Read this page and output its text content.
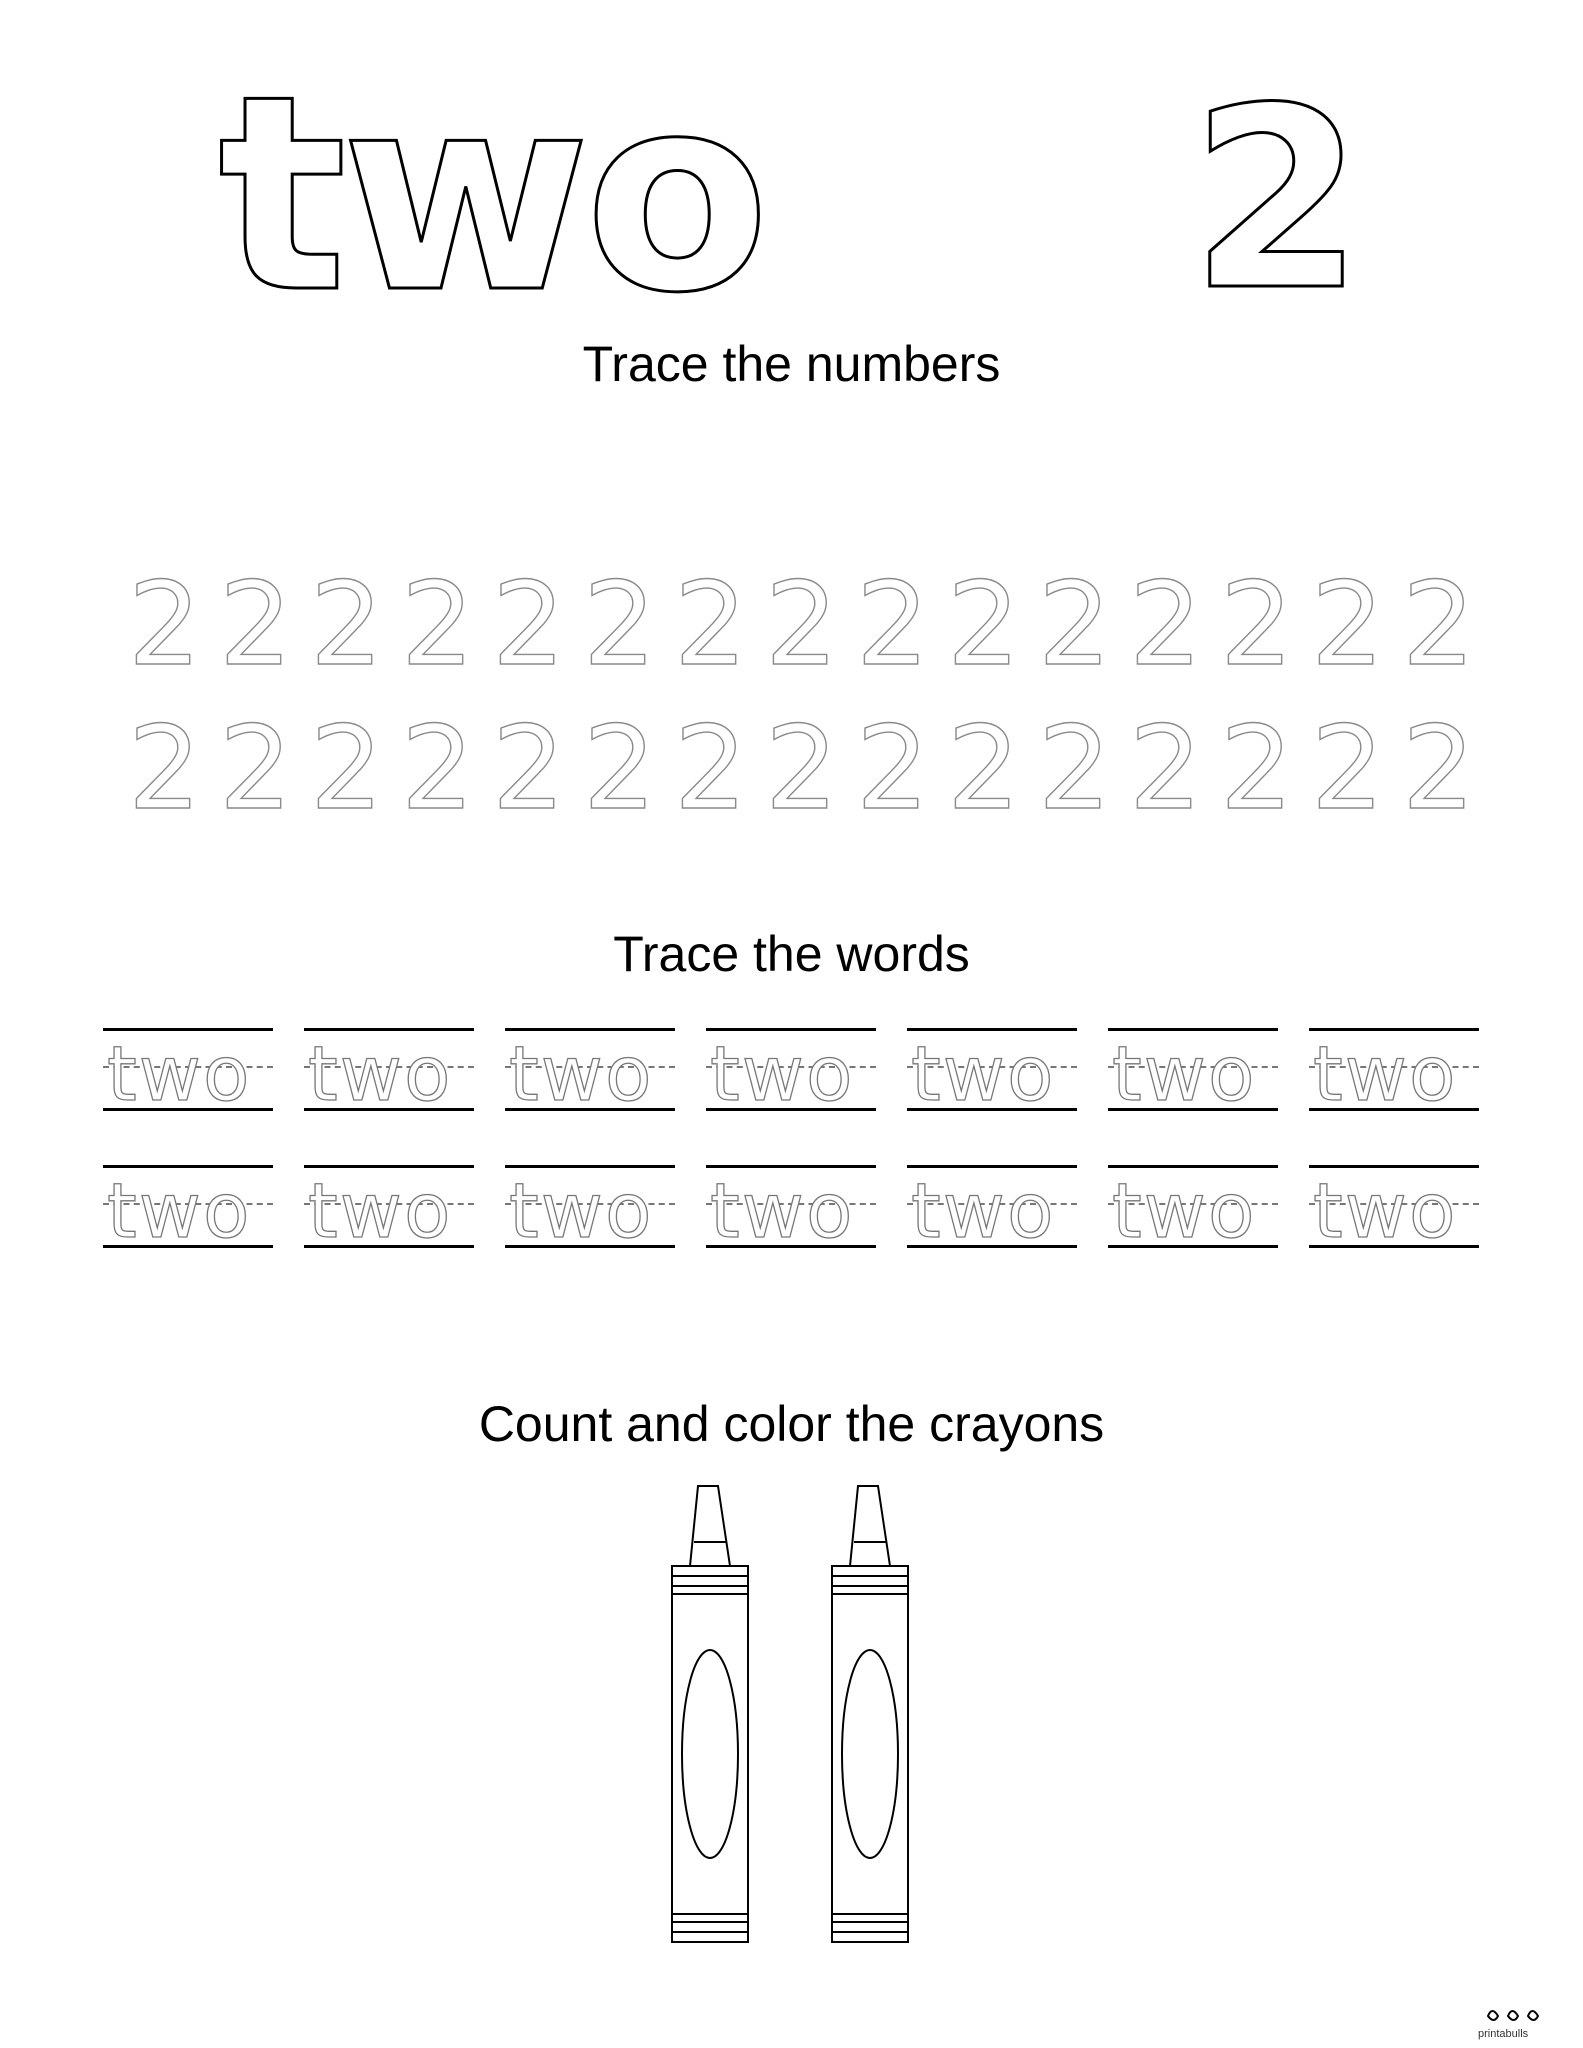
two 2
Trace the numbers
Trace the words
Count and color the crayons
2 2 2 2 2 2 2 2 2 2 2 2 2 2 2
2 2 2 2 2 2 2 2 2 2 2 2 2 2 2
two two two two two two two
two two two two two two two
printabulls
